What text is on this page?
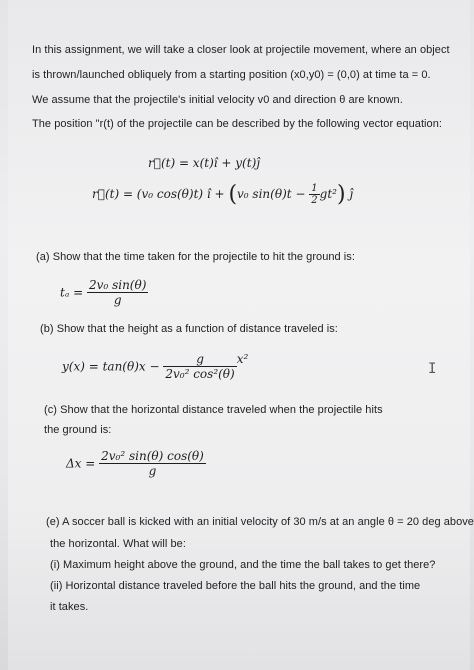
In this assignment, we will take a closer look at projectile movement, where an object
is thrown/launched obliquely from a starting position (x0,y0) = (0,0) at time ta = 0.
We assume that the projectile's initial velocity v0 and direction θ are known.
The position "r(t) of the projectile can be described by the following vector equation:
r⃗(t) = x(t)î + y(t)ĵ
r⃗(t) = (v₀ cos(θ)t) î + (v₀ $\sin(\theta)t - \frac{1}{2} gt^2$) ĵ
(a) Show that the time taken for the projectile to hit the ground is:
$t_a = \frac{\text{2v₀ sin(θ)}}{g}$
(b) Show that the height as a function of distance traveled is:
$y(x) = \tan(\theta)x - \frac{g}{\text{2v₀² cos²(θ)}} x^2$
(c) Show that the horizontal distance traveled when the projectile hits
the ground is:
$\Delta x = \frac{\text{2v₀² sin(θ) cos(θ)}}{g}$
(e) A soccer ball is kicked with an initial velocity of 30 m/s at an angle θ = 20 deg above
the horizontal. What will be:
(i) Maximum height above the ground, and the time the ball takes to get there?
(ii) Horizontal distance traveled before the ball hits the ground, and the time
it takes.
I
